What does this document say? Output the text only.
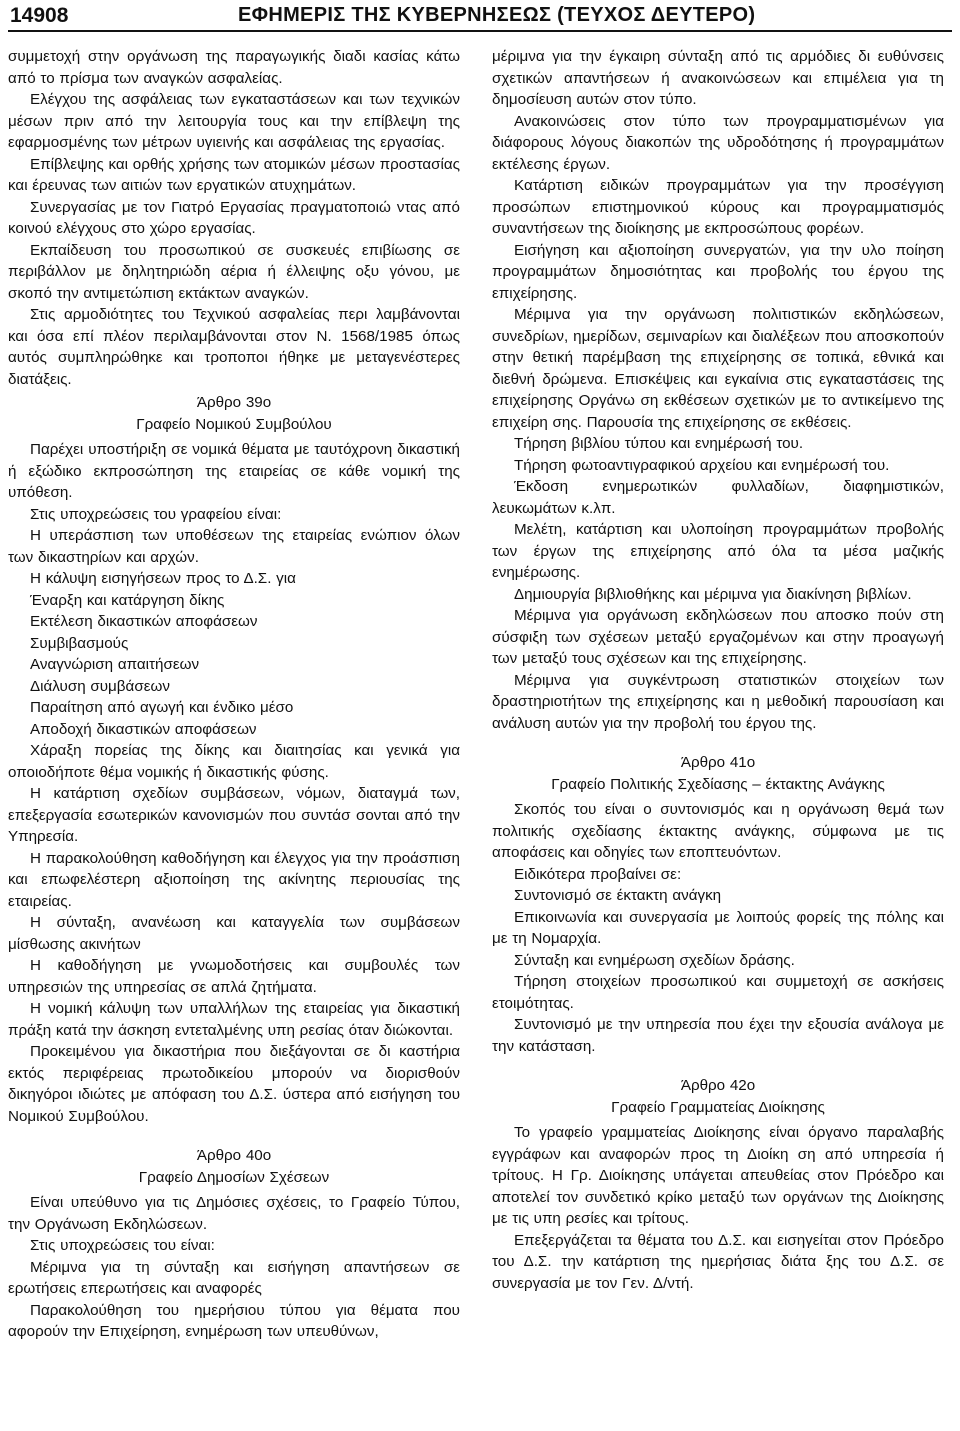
14908	ΕΦΗΜΕΡΙΣ ΤΗΣ ΚΥΒΕΡΝΗΣΕΩΣ (ΤΕΥΧΟΣ ΔΕΥΤΕΡΟ)

συμμετοχή στην οργάνωση της παραγωγικής διαδι κασίας κάτω από το πρίσμα των αναγκών ασφαλείας.

Ελέγχου της ασφάλειας των εγκαταστάσεων και των τεχνικών μέσων πριν από την λειτουργία τους και την επίβλεψη της εφαρμοσμένης των μέτρων υγιεινής και ασφάλειας της εργασίας.

Επίβλεψης και ορθής χρήσης των ατομικών μέσων προστασίας και έρευνας των αιτιών των εργατικών ατυχημάτων.

Συνεργασίας με τον Γιατρό Εργασίας πραγματοποιώ ντας από κοινού ελέγχους στο χώρο εργασίας.

Εκπαίδευση του προσωπικού σε συσκευές επιβίωσης σε περιβάλλον με δηλητηριώδη αέρια ή έλλειψης οξυ γόνου, με σκοπό την αντιμετώπιση εκτάκτων αναγκών.

Στις αρμοδιότητες του Τεχνικού ασφαλείας περι λαμβάνονται και όσα επί πλέον περιλαμβάνονται στον Ν. 1568/1985 όπως αυτός συμπληρώθηκε και τροποποι ήθηκε με μεταγενέστερες διατάξεις.

Άρθρο 39ο

Γραφείο Νομικού Συμβούλου

Παρέχει υποστήριξη σε νομικά θέματα με ταυτόχρονη δικαστική ή εξώδικο εκπροσώπηση της εταιρείας σε κάθε νομική της υπόθεση.

Στις υποχρεώσεις του γραφείου είναι:

Η υπεράσπιση των υποθέσεων της εταιρείας ενώπιον όλων των δικαστηρίων και αρχών.

Η κάλυψη εισηγήσεων προς το Δ.Σ. για

Έναρξη και κατάργηση δίκης

Εκτέλεση δικαστικών αποφάσεων

Συμβιβασμούς

Αναγνώριση απαιτήσεων

Διάλυση συμβάσεων

Παραίτηση από αγωγή και ένδικο μέσο

Αποδοχή δικαστικών αποφάσεων

Χάραξη πορείας της δίκης και διαιτησίας και γενικά για οποιοδήποτε θέμα νομικής ή δικαστικής φύσης.

Η κατάρτιση σχεδίων συμβάσεων, νόμων, διαταγμά των, επεξεργασία εσωτερικών κανονισμών που συντάσ σονται από την Υπηρεσία.

Η παρακολούθηση καθοδήγηση και έλεγχος για την προάσπιση και επωφελέστερη αξιοποίηση της ακίνητης περιουσίας της εταιρείας.

Η σύνταξη, ανανέωση και καταγγελία των συμβάσεων μίσθωσης ακινήτων

Η καθοδήγηση με γνωμοδοτήσεις και συμβουλές των υπηρεσιών της υπηρεσίας σε απλά ζητήματα.

Η νομική κάλυψη των υπαλλήλων της εταιρείας για δικαστική πράξη κατά την άσκηση εντεταλμένης υπη ρεσίας όταν διώκονται.

Προκειμένου για δικαστήρια που διεξάγονται σε δι καστήρια εκτός περιφέρειας πρωτοδικείου μπορούν να διορισθούν δικηγόροι ιδιώτες με απόφαση του Δ.Σ. ύστερα από εισήγηση του Νομικού Συμβούλου.

Άρθρο 40ο

Γραφείο Δημοσίων Σχέσεων

Είναι υπεύθυνο για τις Δημόσιες σχέσεις, το Γραφείο Τύπου, την Οργάνωση Εκδηλώσεων.

Στις υποχρεώσεις του είναι:

Μέριμνα για τη σύνταξη και εισήγηση απαντήσεων σε ερωτήσεις επερωτήσεις και αναφορές

Παρακολούθηση του ημερήσιου τύπου για θέματα που αφορούν την Επιχείρηση, ενημέρωση των υπευθύνων,

μέριμνα για την έγκαιρη σύνταξη από τις αρμόδιες δι ευθύνσεις σχετικών απαντήσεων ή ανακοινώσεων και επιμέλεια για τη δημοσίευση αυτών στον τύπο.

Ανακοινώσεις στον τύπο των προγραμματισμένων για διάφορους λόγους διακοπών της υδροδότησης ή προγραμμάτων εκτέλεσης έργων.

Κατάρτιση ειδικών προγραμμάτων για την προσέγγιση προσώπων επιστημονικού κύρους και προγραμματισμός συναντήσεων της διοίκησης με εκπροσώπους φορέων.

Εισήγηση και αξιοποίηση συνεργατών, για την υλο ποίηση προγραμμάτων δημοσιότητας και προβολής του έργου της επιχείρησης.

Μέριμνα για την οργάνωση πολιτιστικών εκδηλώσεων, συνεδρίων, ημερίδων, σεμιναρίων και διαλέξεων που αποσκοπούν στην θετική παρέμβαση της επιχείρησης σε τοπικά, εθνικά και διεθνή δρώμενα. Επισκέψεις και εγκαίνια στις εγκαταστάσεις της επιχείρησης Οργάνω ση εκθέσεων σχετικών με το αντικείμενο της επιχείρη σης. Παρουσία της επιχείρησης σε εκθέσεις.

Τήρηση βιβλίου τύπου και ενημέρωσή του.

Τήρηση φωτοαντιγραφικού αρχείου και ενημέρωσή του.

Έκδοση ενημερωτικών φυλλαδίων, διαφημιστικών, λευκωμάτων κ.λπ.

Μελέτη, κατάρτιση και υλοποίηση προγραμμάτων προβολής των έργων της επιχείρησης από όλα τα μέσα μαζικής ενημέρωσης.

Δημιουργία βιβλιοθήκης και μέριμνα για διακίνηση βιβλίων.

Μέριμνα για οργάνωση εκδηλώσεων που αποσκο πούν στη σύσφιξη των σχέσεων μεταξύ εργαζομένων και στην προαγωγή των μεταξύ τους σχέσεων και της επιχείρησης.

Μέριμνα για συγκέντρωση στατιστικών στοιχείων των δραστηριοτήτων της επιχείρησης και η μεθοδική παρουσίαση και ανάλυση αυτών για την προβολή του έργου της.

Άρθρο 41ο

Γραφείο Πολιτικής Σχεδίασης – έκτακτης Ανάγκης

Σκοπός του είναι ο συντονισμός και η οργάνωση θεμά των πολιτικής σχεδίασης έκτακτης ανάγκης, σύμφωνα με τις αποφάσεις και οδηγίες των εποπτευόντων.

Ειδικότερα προβαίνει σε:

Συντονισμό σε έκτακτη ανάγκη

Επικοινωνία και συνεργασία με λοιπούς φορείς της πόλης και με τη Νομαρχία.

Σύνταξη και ενημέρωση σχεδίων δράσης.

Τήρηση στοιχείων προσωπικού και συμμετοχή σε ασκήσεις ετοιμότητας.

Συντονισμό με την υπηρεσία που έχει την εξουσία ανάλογα με την κατάσταση.

Άρθρο 42ο

Γραφείο Γραμματείας Διοίκησης

Το γραφείο γραμματείας Διοίκησης είναι όργανο παραλαβής εγγράφων και αναφορών προς τη Διοίκη ση από υπηρεσία ή τρίτους. Η Γρ. Διοίκησης υπάγεται απευθείας στον Πρόεδρο και αποτελεί τον συνδετικό κρίκο μεταξύ των οργάνων της Διοίκησης με τις υπη ρεσίες και τρίτους.

Επεξεργάζεται τα θέματα του Δ.Σ. και εισηγείται στον Πρόεδρο του Δ.Σ. την κατάρτιση της ημερήσιας διάτα ξης του Δ.Σ. σε συνεργασία με τον Γεν. Δ/ντή.
